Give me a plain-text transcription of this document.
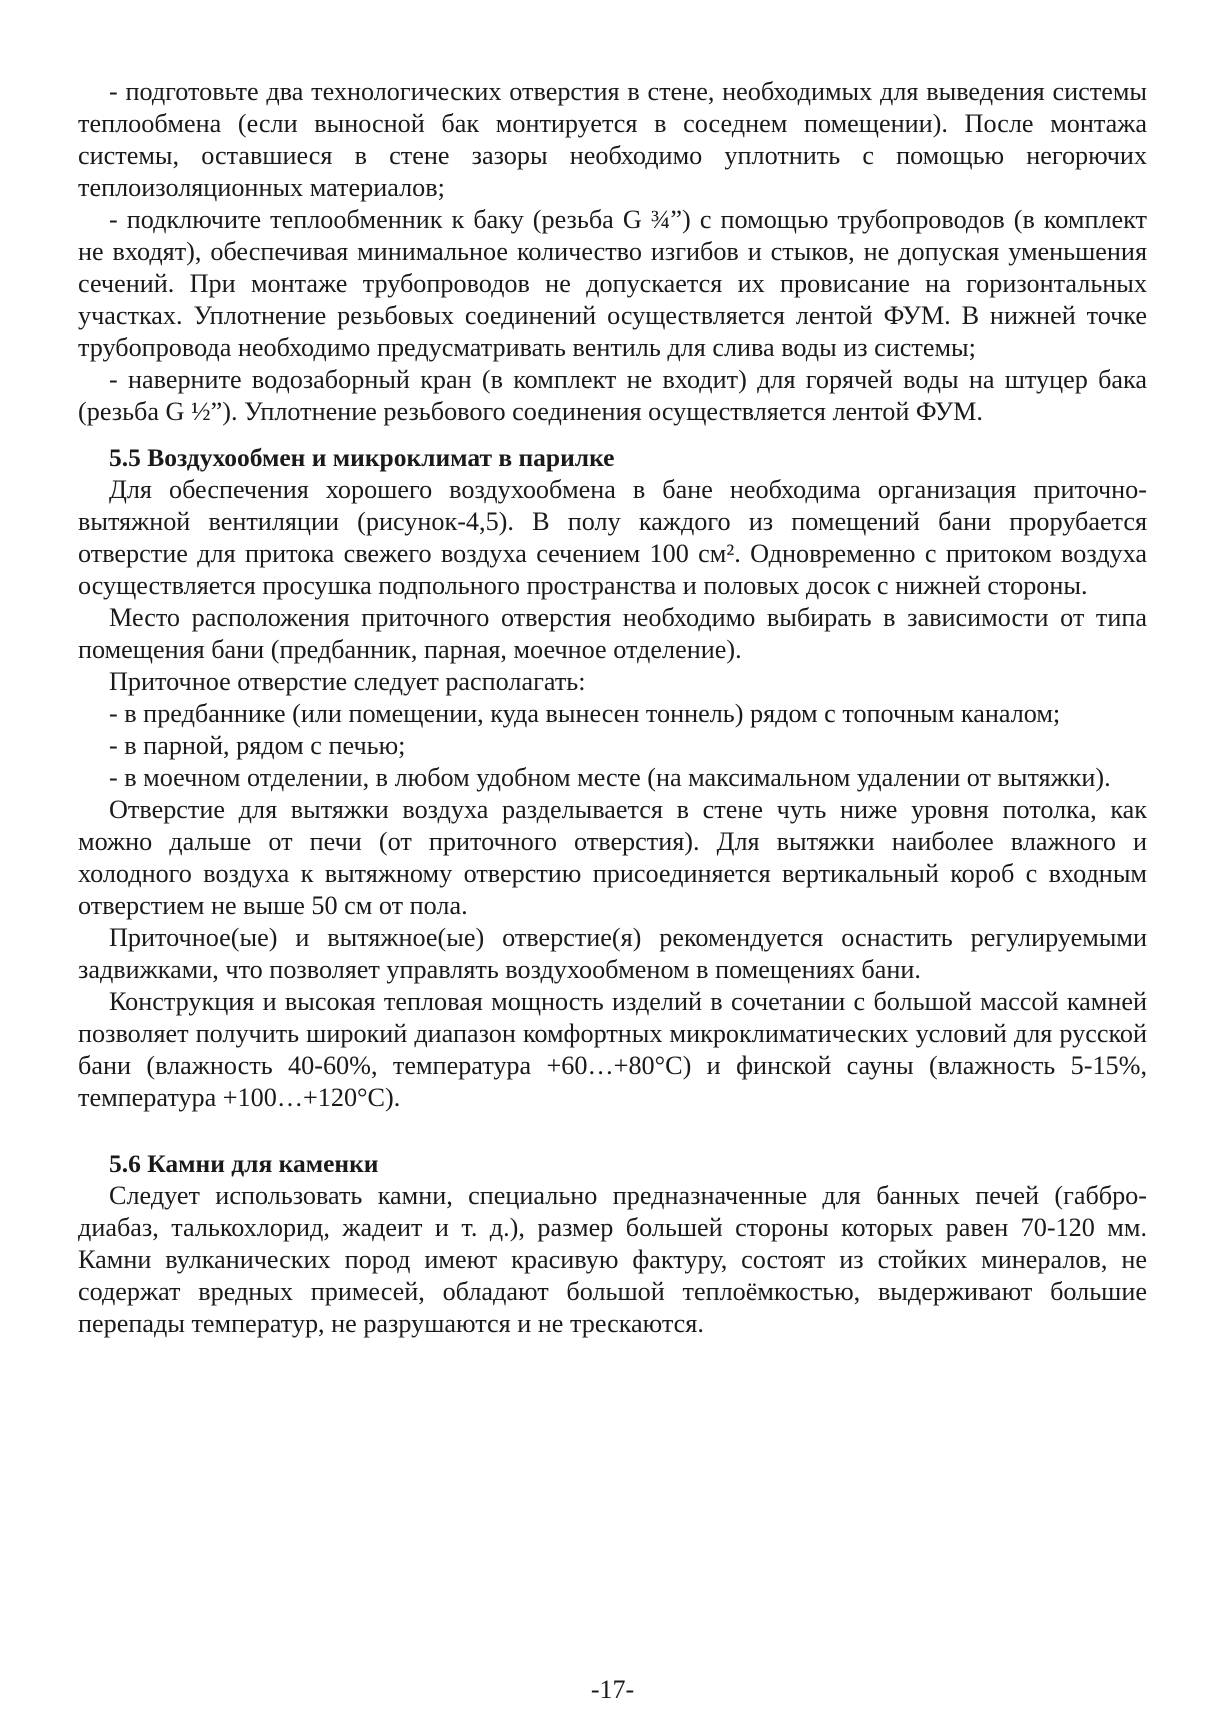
- подготовьте два технологических отверстия в стене, необходимых для выведения системы теплообмена (если выносной бак монтируется в соседнем помещении). После монтажа системы, оставшиеся в стене зазоры необходимо уплотнить с помощью негорючих теплоизоляционных материалов;

- подключите теплообменник к баку (резьба G ¾”) с помощью трубопроводов (в комплект не входят), обеспечивая минимальное количество изгибов и стыков, не допуская уменьшения сечений. При монтаже трубопроводов не допускается их провисание на горизонтальных участках. Уплотнение резьбовых соединений осуществляется лентой ФУМ. В нижней точке трубопровода необходимо предусматривать вентиль для слива воды из системы;

- наверните водозаборный кран (в комплект не входит) для горячей воды на штуцер бака (резьба G ½”). Уплотнение резьбового соединения осуществляется лентой ФУМ.

5.5 Воздухообмен и микроклимат в парилке

Для обеспечения хорошего воздухообмена в бане необходима организация приточно-вытяжной вентиляции (рисунок-4,5). В полу каждого из помещений бани прорубается отверстие для притока свежего воздуха сечением 100 см². Одновременно с притоком воздуха осуществляется просушка подпольного пространства и половых досок с нижней стороны.

Место расположения приточного отверстия необходимо выбирать в зависимости от типа помещения бани (предбанник, парная, моечное отделение).

Приточное отверстие следует располагать:

- в предбаннике (или помещении, куда вынесен тоннель) рядом с топочным каналом;

- в парной, рядом с печью;

- в моечном отделении, в любом удобном месте (на максимальном удалении от вытяжки).

Отверстие для вытяжки воздуха разделывается в стене чуть ниже уровня потолка, как можно дальше от печи (от приточного отверстия). Для вытяжки наиболее влажного и холодного воздуха к вытяжному отверстию присоединяется вертикальный короб с входным отверстием не выше 50 см от пола.

Приточное(ые) и вытяжное(ые) отверстие(я) рекомендуется оснастить регулируемыми задвижками, что позволяет управлять воздухообменом в помещениях бани.

Конструкция и высокая тепловая мощность изделий в сочетании с большой массой камней позволяет получить широкий диапазон комфортных микроклиматических условий для русской бани (влажность 40-60%, температура +60…+80°С) и финской сауны (влажность 5-15%, температура +100…+120°С).

5.6 Камни для каменки

Следует использовать камни, специально предназначенные для банных печей (габбро-диабаз, талькохлорид, жадеит и т. д.), размер большей стороны которых равен 70-120 мм. Камни вулканических пород имеют красивую фактуру, состоят из стойких минералов, не содержат вредных примесей, обладают большой теплоёмкостью, выдерживают большие перепады температур, не разрушаются и не трескаются.

-17-
